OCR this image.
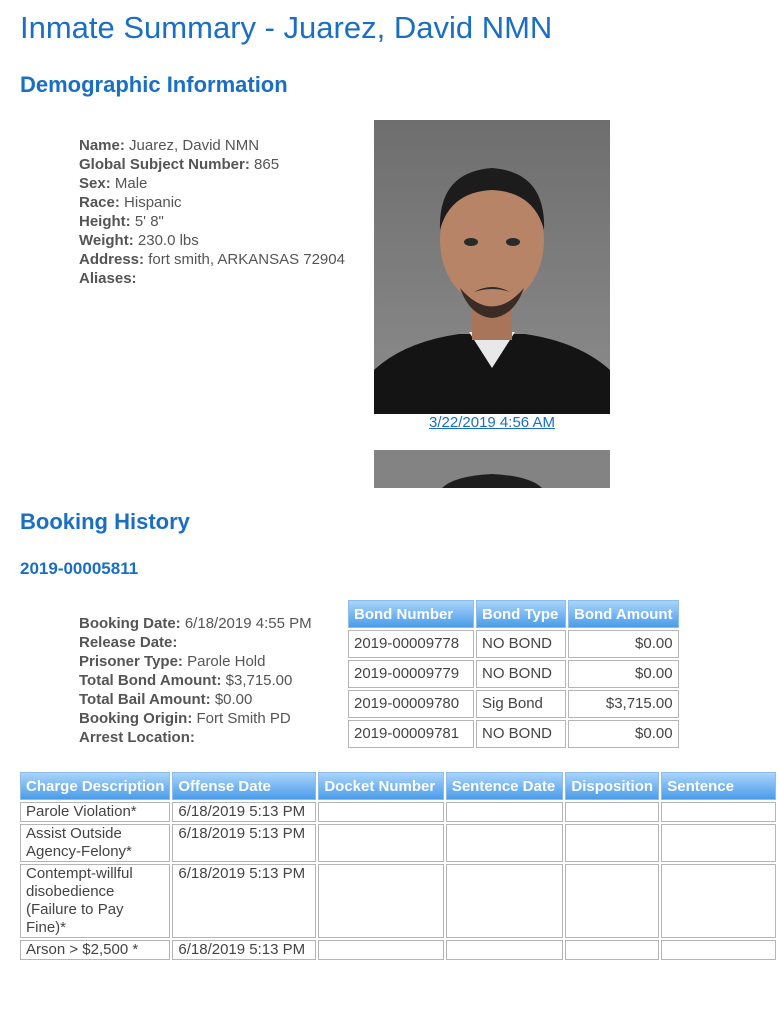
Inmate Summary - Juarez, David NMN
Demographic Information
Name: Juarez, David NMN
Global Subject Number: 865
Sex: Male
Race: Hispanic
Height: 5' 8"
Weight: 230.0 lbs
Address: fort smith, ARKANSAS 72904
Aliases:
3/22/2019 4:56 AM
Booking History
2019-00005811
Booking Date: 6/18/2019 4:55 PM
Release Date:
Prisoner Type: Parole Hold
Total Bond Amount: $3,715.00
Total Bail Amount: $0.00
Booking Origin: Fort Smith PD
Arrest Location:
Bond Number	Bond Type	Bond Amount
2019-00009778	NO BOND	$0.00
2019-00009779	NO BOND	$0.00
2019-00009780	Sig Bond	$3,715.00
2019-00009781	NO BOND	$0.00
Charge Description	Offense Date	Docket Number	Sentence Date	Disposition	Sentence
Parole Violation*	6/18/2019 5:13 PM				
Assist Outside Agency-Felony*	6/18/2019 5:13 PM				
Contempt-willful disobedience (Failure to Pay Fine)*	6/18/2019 5:13 PM				
Arson > $2,500 *	6/18/2019 5:13 PM				
